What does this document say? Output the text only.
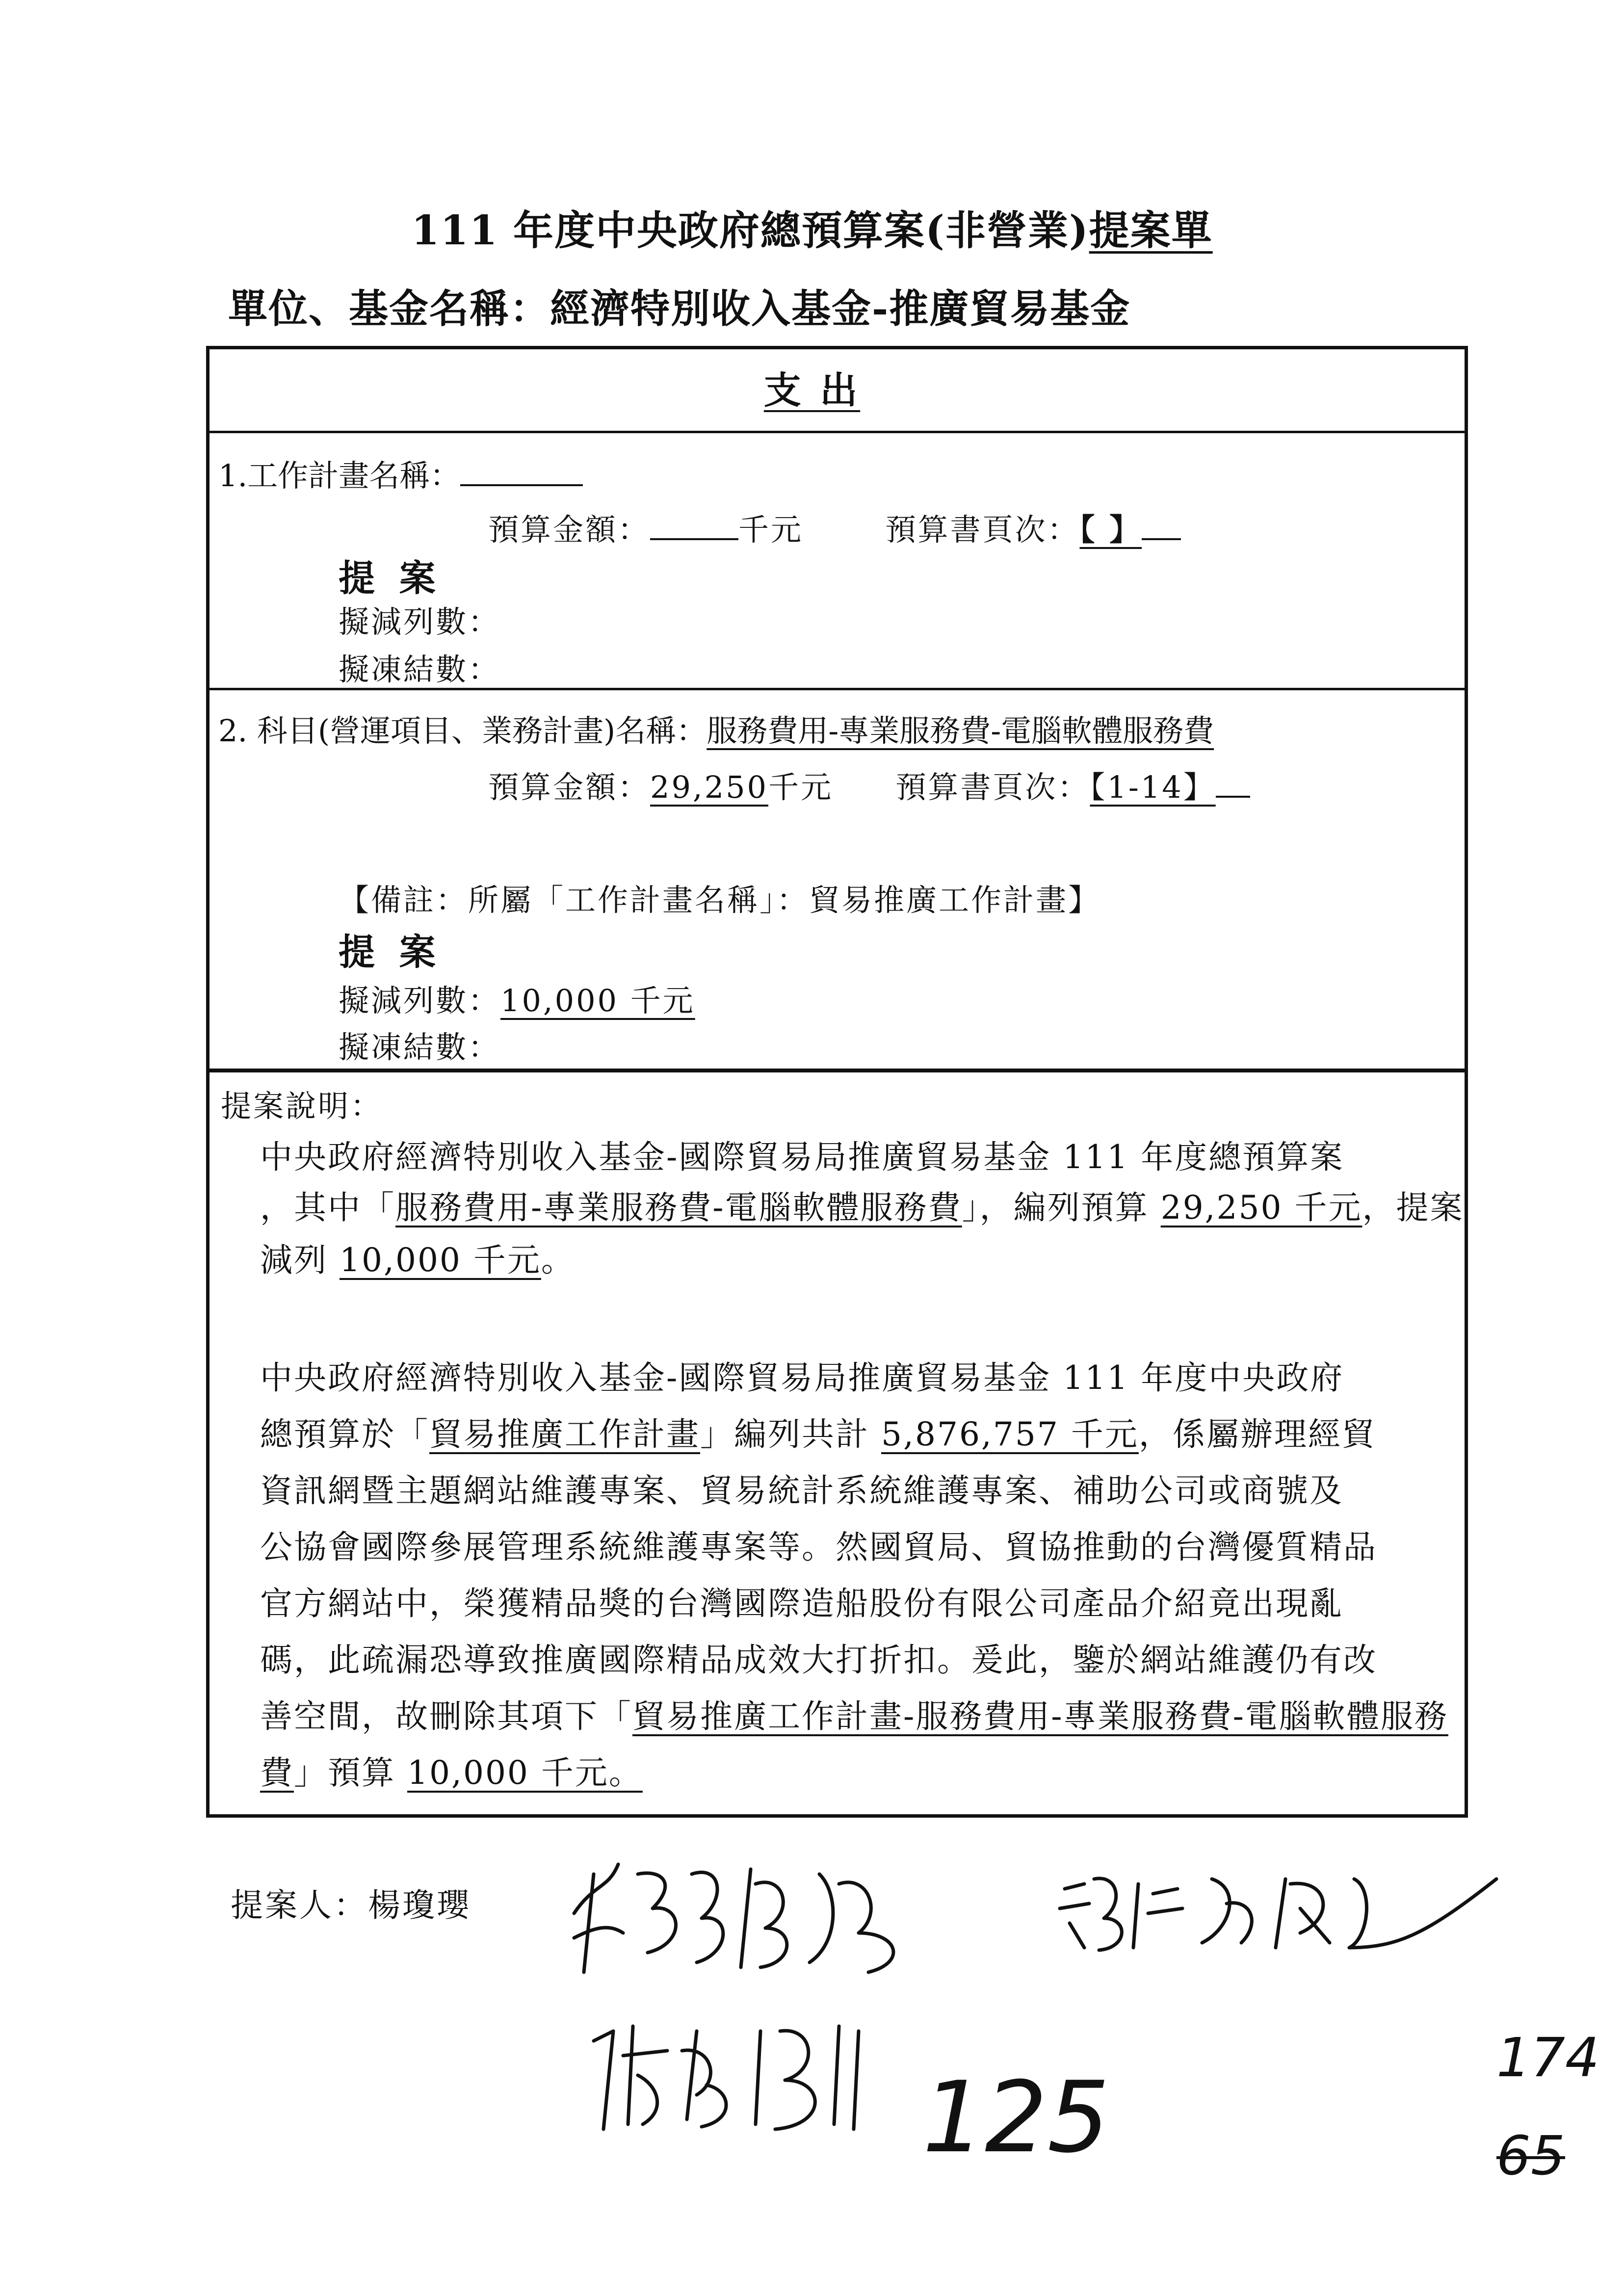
111 年度中央政府總預算案(非營業)提案單
單位、基金名稱：經濟特別收入基金-推廣貿易基金
支 出
1.工作計畫名稱：
預算金額：	千元	預算書頁次：【 】
提 案
擬減列數：
擬凍結數：
2. 科目(營運項目、業務計畫)名稱：服務費用-專業服務費-電腦軟體服務費
預算金額：29,250千元 預算書頁次：【1-14】
【備註：所屬「工作計畫名稱」：貿易推廣工作計畫】
提 案
擬減列數：10,000 千元
擬凍結數：
提案說明：
中央政府經濟特別收入基金-國際貿易局推廣貿易基金 111 年度總預算案
，其中「服務費用-專業服務費-電腦軟體服務費」，編列預算 29,250 千元，提案
減列 10,000 千元。
中央政府經濟特別收入基金-國際貿易局推廣貿易基金 111 年度中央政府
總預算於「貿易推廣工作計畫」編列共計 5,876,757 千元，係屬辦理經貿
資訊網暨主題網站維護專案、貿易統計系統維護專案、補助公司或商號及
公協會國際參展管理系統維護專案等。然國貿局、貿協推動的台灣優質精品
官方網站中，榮獲精品獎的台灣國際造船股份有限公司產品介紹竟出現亂
碼，此疏漏恐導致推廣國際精品成效大打折扣。爰此，鑒於網站維護仍有改
善空間，故刪除其項下「貿易推廣工作計畫-服務費用-專業服務費-電腦軟體服務
費」預算 10,000 千元。
提案人：楊瓊瓔
125
174
65
